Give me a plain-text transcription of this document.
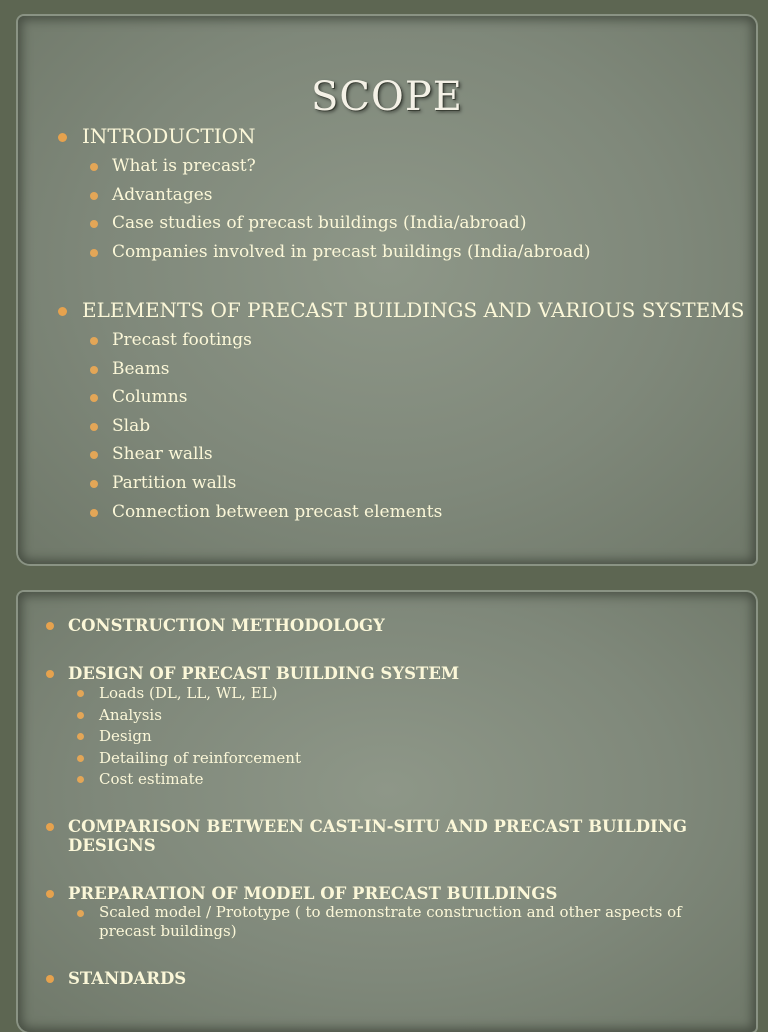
SCOPE
INTRODUCTION
What is precast?
Advantages
Case studies of precast buildings (India/abroad)
Companies involved in precast buildings (India/abroad)
ELEMENTS OF PRECAST BUILDINGS AND VARIOUS SYSTEMS
Precast footings
Beams
Columns
Slab
Shear walls
Partition walls
Connection between precast elements
CONSTRUCTION METHODOLOGY
DESIGN OF PRECAST BUILDING SYSTEM
Loads (DL, LL, WL, EL)
Analysis
Design
Detailing of reinforcement
Cost estimate
COMPARISON BETWEEN CAST-IN-SITU AND PRECAST BUILDING DESIGNS
PREPARATION OF MODEL OF PRECAST BUILDINGS
Scaled model / Prototype ( to demonstrate construction and other aspects of precast buildings)
STANDARDS
